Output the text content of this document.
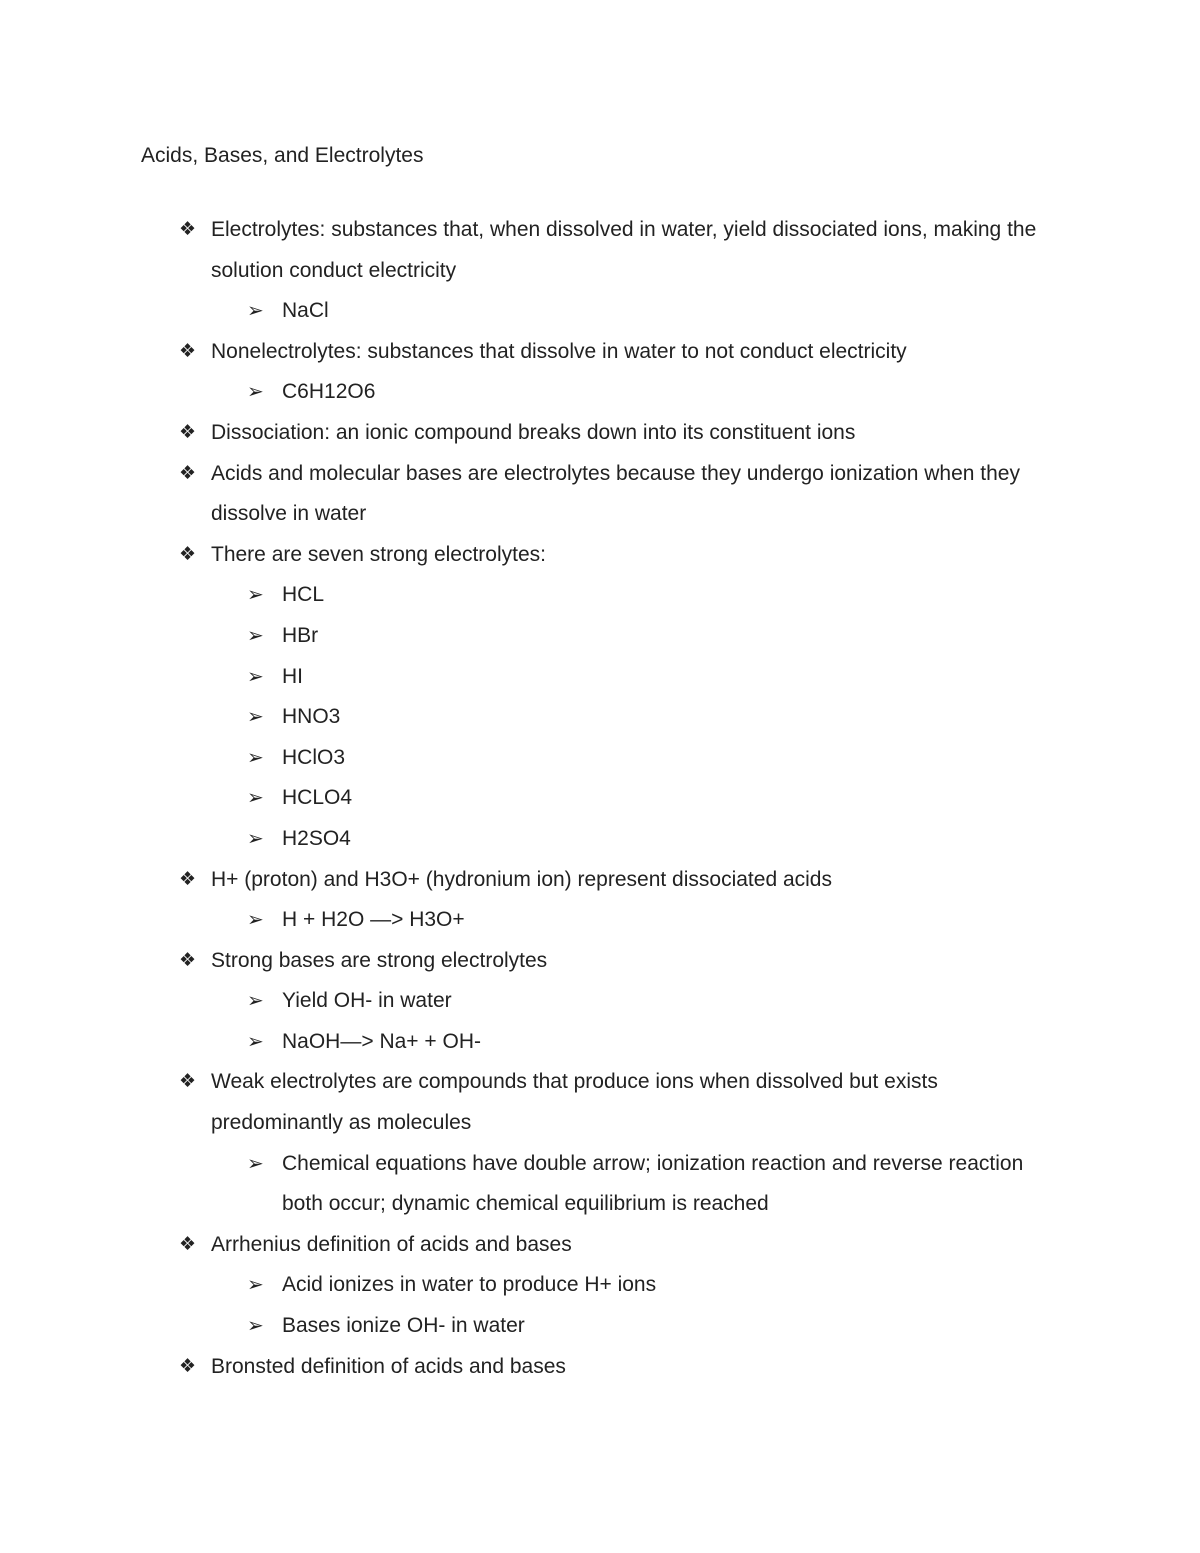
Acids, Bases, and Electrolytes
❖ Electrolytes: substances that, when dissolved in water, yield dissociated ions, making the solution conduct electricity
➢ NaCl
❖ Nonelectrolytes: substances that dissolve in water to not conduct electricity
➢ C6H12O6
❖ Dissociation: an ionic compound breaks down into its constituent ions
❖ Acids and molecular bases are electrolytes because they undergo ionization when they dissolve in water
❖ There are seven strong electrolytes:
➢ HCL
➢ HBr
➢ HI
➢ HNO3
➢ HClO3
➢ HCLO4
➢ H2SO4
❖ H+ (proton) and H3O+ (hydronium ion) represent dissociated acids
➢ H + H2O —> H3O+
❖ Strong bases are strong electrolytes
➢ Yield OH- in water
➢ NaOH—> Na+ + OH-
❖ Weak electrolytes are compounds that produce ions when dissolved but exists predominantly as molecules
➢ Chemical equations have double arrow; ionization reaction and reverse reaction both occur; dynamic chemical equilibrium is reached
❖ Arrhenius definition of acids and bases
➢ Acid ionizes in water to produce H+ ions
➢ Bases ionize OH- in water
❖ Bronsted definition of acids and bases
